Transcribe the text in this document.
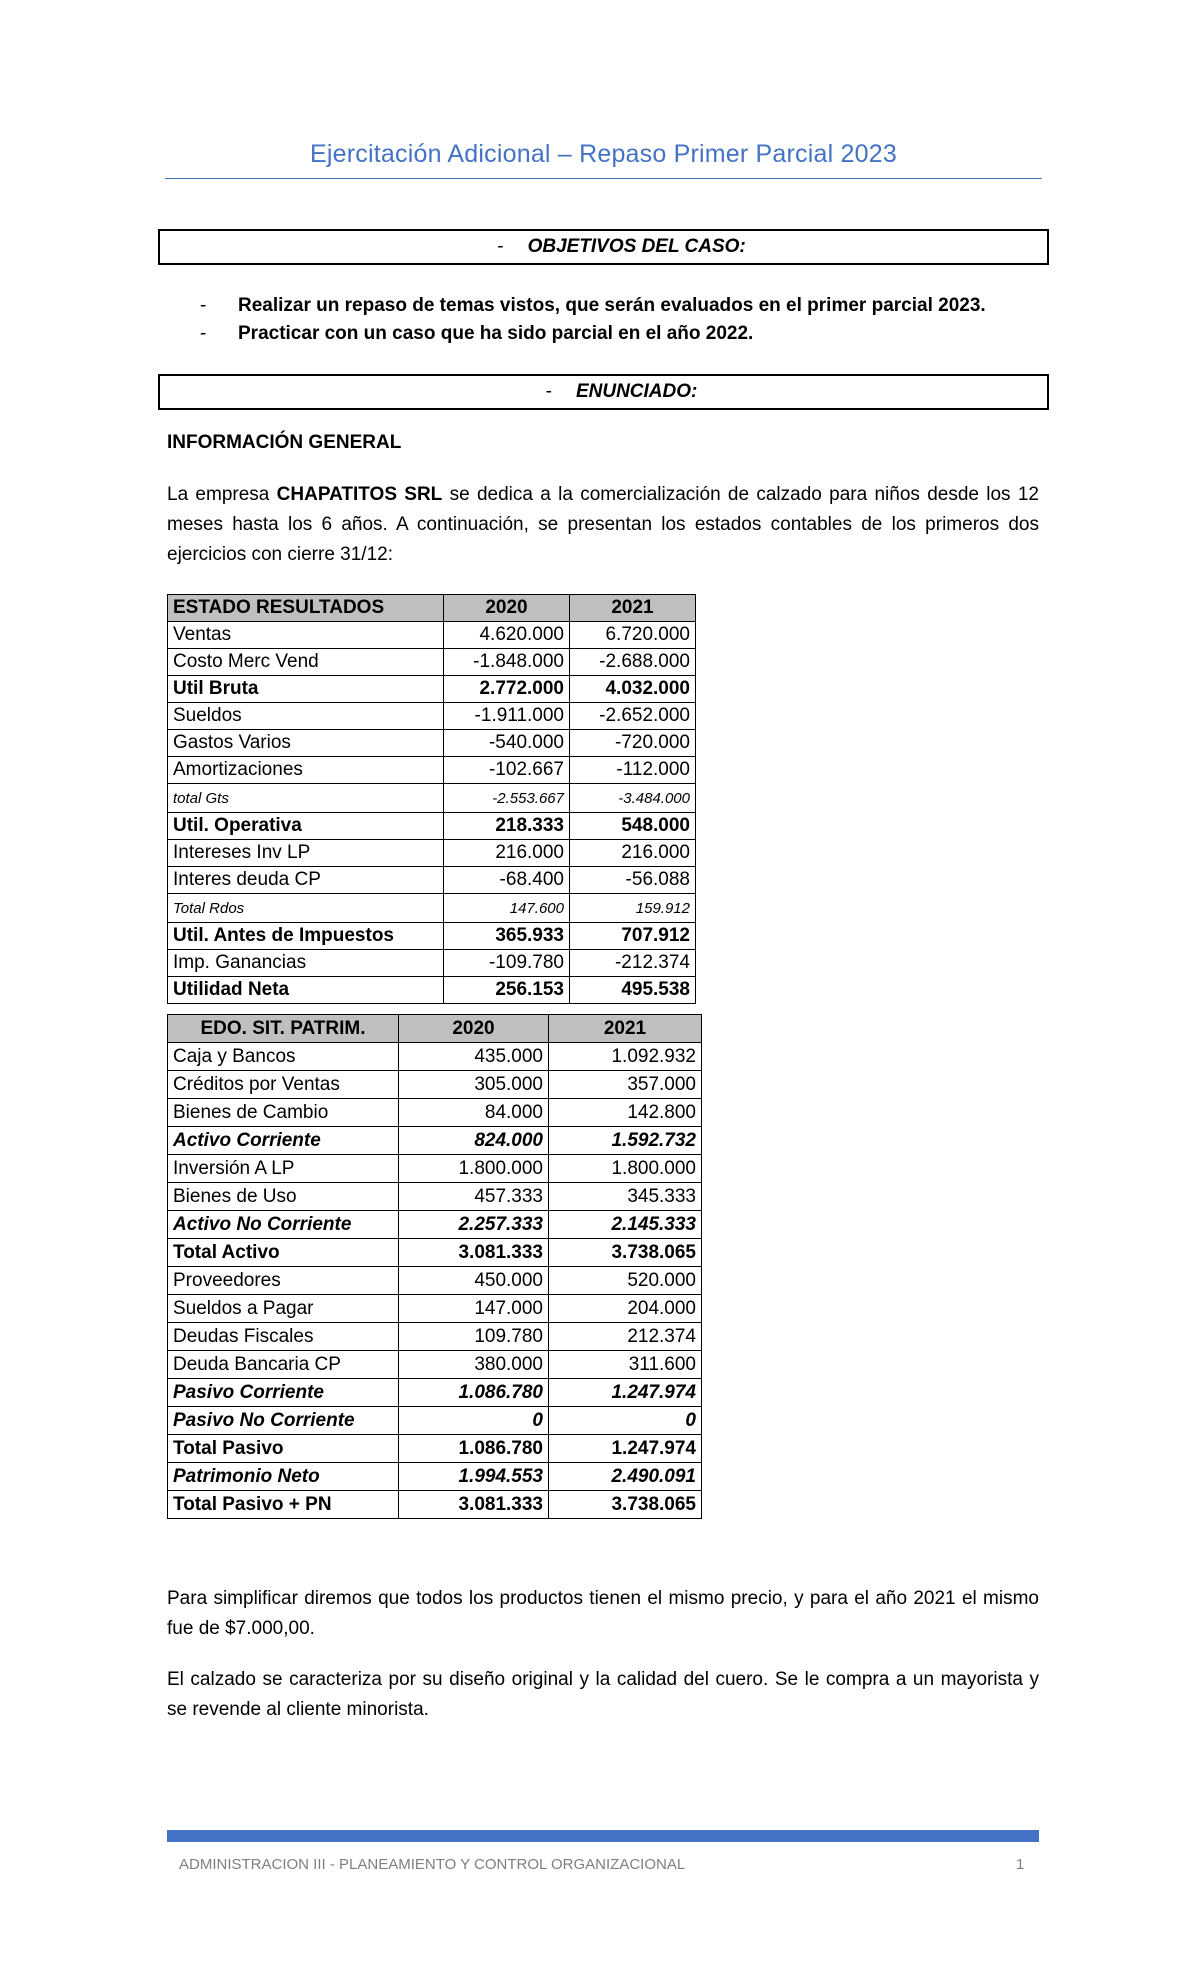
Ejercitación Adicional – Repaso Primer Parcial 2023
- OBJETIVOS DEL CASO:
- Realizar un repaso de temas vistos, que serán evaluados en el primer parcial 2023.
- Practicar con un caso que ha sido parcial en el año 2022.
- ENUNCIADO:
INFORMACIÓN GENERAL

La empresa CHAPATITOS SRL se dedica a la comercialización de calzado para niños desde los 12 meses hasta los 6 años. A continuación, se presentan los estados contables de los primeros dos ejercicios con cierre 31/12:

ESTADO RESULTADOS	2020	2021
Ventas	4.620.000	6.720.000
Costo Merc Vend	-1.848.000	-2.688.000
Util Bruta	2.772.000	4.032.000
Sueldos	-1.911.000	-2.652.000
Gastos Varios	-540.000	-720.000
Amortizaciones	-102.667	-112.000
total Gts	-2.553.667	-3.484.000
Util. Operativa	218.333	548.000
Intereses Inv LP	216.000	216.000
Interes deuda CP	-68.400	-56.088
Total Rdos	147.600	159.912
Util. Antes de Impuestos	365.933	707.912
Imp. Ganancias	-109.780	-212.374
Utilidad Neta	256.153	495.538
EDO. SIT. PATRIM.	2020	2021
Caja y Bancos	435.000	1.092.932
Créditos por Ventas	305.000	357.000
Bienes de Cambio	84.000	142.800
Activo Corriente	824.000	1.592.732
Inversión A LP	1.800.000	1.800.000
Bienes de Uso	457.333	345.333
Activo No Corriente	2.257.333	2.145.333
Total Activo	3.081.333	3.738.065
Proveedores	450.000	520.000
Sueldos a Pagar	147.000	204.000
Deudas Fiscales	109.780	212.374
Deuda Bancaria CP	380.000	311.600
Pasivo Corriente	1.086.780	1.247.974
Pasivo No Corriente	0	0
Total Pasivo	1.086.780	1.247.974
Patrimonio Neto	1.994.553	2.490.091
Total Pasivo + PN	3.081.333	3.738.065

Para simplificar diremos que todos los productos tienen el mismo precio, y para el año 2021 el mismo fue de $7.000,00.

El calzado se caracteriza por su diseño original y la calidad del cuero. Se le compra a un mayorista y se revende al cliente minorista.

ADMINISTRACION III - PLANEAMIENTO Y CONTROL ORGANIZACIONAL	1
